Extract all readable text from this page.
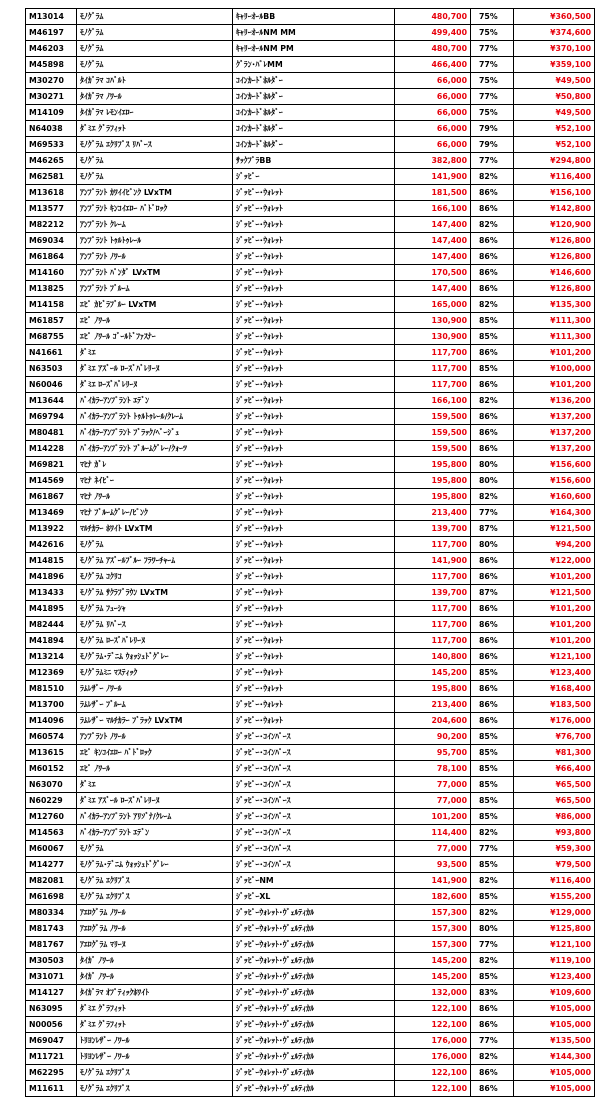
M13014	ﾓﾉｸﾞﾗﾑ	ｷｬﾘｰｵｰﾙBB	480,700	75%	¥360,500
M46197	ﾓﾉｸﾞﾗﾑ	ｷｬﾘｰｵｰﾙNM MM	499,400	75%	¥374,600
M46203	ﾓﾉｸﾞﾗﾑ	ｷｬﾘｰｵｰﾙNM PM	480,700	77%	¥370,100
M45898	ﾓﾉｸﾞﾗﾑ	ｸﾞﾗﾝ･ﾊﾟﾚMM	466,400	77%	¥359,100
M30270	ﾀｲｶﾞﾗﾏ ｺﾊﾞﾙﾄ	ｺｲﾝｶｰﾄﾞﾎﾙﾀﾞｰ	66,000	75%	¥49,500
M30271	ﾀｲｶﾞﾗﾏ ﾉﾜｰﾙ	ｺｲﾝｶｰﾄﾞﾎﾙﾀﾞｰ	66,000	77%	¥50,800
M14109	ﾀｲｶﾞﾗﾏ ﾚﾓﾝｲｴﾛｰ	ｺｲﾝｶｰﾄﾞﾎﾙﾀﾞｰ	66,000	75%	¥49,500
N64038	ﾀﾞﾐｴ ｸﾞﾗﾌｨｯﾄ	ｺｲﾝｶｰﾄﾞﾎﾙﾀﾞｰ	66,000	79%	¥52,100
M69533	ﾓﾉｸﾞﾗﾑ ｴｸﾘﾌﾟｽ ﾘﾊﾞｰｽ	ｺｲﾝｶｰﾄﾞﾎﾙﾀﾞｰ	66,000	79%	¥52,100
M46265	ﾓﾉｸﾞﾗﾑ	ｻｯｸﾌﾟﾗBB	382,800	77%	¥294,800
M62581	ﾓﾉｸﾞﾗﾑ	ｼﾞｯﾋﾟｰ	141,900	82%	¥116,400
M13618	ｱﾝﾌﾟﾗﾝﾄ ｶﾜｲｲﾋﾟﾝｸ LVxTM	ｼﾞｯﾋﾟｰ･ｳｫﾚｯﾄ	181,500	86%	¥156,100
M13577	ｱﾝﾌﾟﾗﾝﾄ ｷﾝｺｲｴﾛｰ ﾊﾞﾄﾞﾛｯｸ	ｼﾞｯﾋﾟｰ･ｳｫﾚｯﾄ	166,100	86%	¥142,800
M82212	ｱﾝﾌﾟﾗﾝﾄ ｸﾚｰﾑ	ｼﾞｯﾋﾟｰ･ｳｫﾚｯﾄ	147,400	82%	¥120,900
M69034	ｱﾝﾌﾟﾗﾝﾄ ﾄｩﾙﾄｩﾚｰﾙ	ｼﾞｯﾋﾟｰ･ｳｫﾚｯﾄ	147,400	86%	¥126,800
M61864	ｱﾝﾌﾟﾗﾝﾄ ﾉﾜｰﾙ	ｼﾞｯﾋﾟｰ･ｳｫﾚｯﾄ	147,400	86%	¥126,800
M14160	ｱﾝﾌﾟﾗﾝﾄ ﾊﾟﾝﾀﾞ LVxTM	ｼﾞｯﾋﾟｰ･ｳｫﾚｯﾄ	170,500	86%	¥146,600
M13825	ｱﾝﾌﾟﾗﾝﾄ ﾌﾞﾙｰﾑ	ｼﾞｯﾋﾟｰ･ｳｫﾚｯﾄ	147,400	86%	¥126,800
M14158	ｴﾋﾟ ｶﾋﾞﾗﾌﾞﾙｰ LVxTM	ｼﾞｯﾋﾟｰ･ｳｫﾚｯﾄ	165,000	82%	¥135,300
M61857	ｴﾋﾟ ﾉﾜｰﾙ	ｼﾞｯﾋﾟｰ･ｳｫﾚｯﾄ	130,900	85%	¥111,300
M68755	ｴﾋﾟ ﾉﾜｰﾙ ｺﾞｰﾙﾄﾞﾌｧｽﾅｰ	ｼﾞｯﾋﾟｰ･ｳｫﾚｯﾄ	130,900	85%	¥111,300
N41661	ﾀﾞﾐｴ	ｼﾞｯﾋﾟｰ･ｳｫﾚｯﾄ	117,700	86%	¥101,200
N63503	ﾀﾞﾐｴ ｱｽﾞｰﾙ ﾛｰｽﾞﾊﾞﾚﾘｰﾇ	ｼﾞｯﾋﾟｰ･ｳｫﾚｯﾄ	117,700	85%	¥100,000
N60046	ﾀﾞﾐｴ ﾛｰｽﾞﾊﾞﾚﾘｰﾇ	ｼﾞｯﾋﾟｰ･ｳｫﾚｯﾄ	117,700	86%	¥101,200
M13644	ﾊﾞｲｶﾗｰｱﾝﾌﾟﾗﾝﾄ ｴﾃﾞﾝ	ｼﾞｯﾋﾟｰ･ｳｫﾚｯﾄ	166,100	82%	¥136,200
M69794	ﾊﾞｲｶﾗｰｱﾝﾌﾟﾗﾝﾄ ﾄｩﾙﾄｩﾚｰﾙ/ｸﾚｰﾑ	ｼﾞｯﾋﾟｰ･ｳｫﾚｯﾄ	159,500	86%	¥137,200
M80481	ﾊﾞｲｶﾗｰｱﾝﾌﾟﾗﾝﾄ ﾌﾞﾗｯｸ/ﾍﾞｰｼﾞｭ	ｼﾞｯﾋﾟｰ･ｳｫﾚｯﾄ	159,500	86%	¥137,200
M14228	ﾊﾞｲｶﾗｰｱﾝﾌﾟﾗﾝﾄ ﾌﾞﾙｰﾑｸﾞﾚｰ/ｸｫｰﾂ	ｼﾞｯﾋﾟｰ･ｳｫﾚｯﾄ	159,500	86%	¥137,200
M69821	ﾏﾋﾅ ｶﾞﾚ	ｼﾞｯﾋﾟｰ･ｳｫﾚｯﾄ	195,800	80%	¥156,600
M14569	ﾏﾋﾅ ﾈｲﾋﾞｰ	ｼﾞｯﾋﾟｰ･ｳｫﾚｯﾄ	195,800	80%	¥156,600
M61867	ﾏﾋﾅ ﾉﾜｰﾙ	ｼﾞｯﾋﾟｰ･ｳｫﾚｯﾄ	195,800	82%	¥160,600
M13469	ﾏﾋﾅ ﾌﾞﾙｰﾑｸﾞﾚｰ/ﾋﾟﾝｸ	ｼﾞｯﾋﾟｰ･ｳｫﾚｯﾄ	213,400	77%	¥164,300
M13922	ﾏﾙﾁｶﾗｰ ﾎﾜｲﾄ LVxTM	ｼﾞｯﾋﾟｰ･ｳｫﾚｯﾄ	139,700	87%	¥121,500
M42616	ﾓﾉｸﾞﾗﾑ	ｼﾞｯﾋﾟｰ･ｳｫﾚｯﾄ	117,700	80%	¥94,200
M14815	ﾓﾉｸﾞﾗﾑ ｱｽﾞｰﾙﾌﾞﾙｰ ﾌﾗﾜｰﾁｬｰﾑ	ｼﾞｯﾋﾟｰ･ｳｫﾚｯﾄ	141,900	86%	¥122,000
M41896	ﾓﾉｸﾞﾗﾑ ｺｸﾘｺ	ｼﾞｯﾋﾟｰ･ｳｫﾚｯﾄ	117,700	86%	¥101,200
M13433	ﾓﾉｸﾞﾗﾑ ｻｸﾗﾌﾞﾗｳﾝ LVxTM	ｼﾞｯﾋﾟｰ･ｳｫﾚｯﾄ	139,700	87%	¥121,500
M41895	ﾓﾉｸﾞﾗﾑ ﾌｭｰｼｬ	ｼﾞｯﾋﾟｰ･ｳｫﾚｯﾄ	117,700	86%	¥101,200
M82444	ﾓﾉｸﾞﾗﾑ ﾘﾊﾞｰｽ	ｼﾞｯﾋﾟｰ･ｳｫﾚｯﾄ	117,700	86%	¥101,200
M41894	ﾓﾉｸﾞﾗﾑ ﾛｰｽﾞﾊﾞﾚﾘｰﾇ	ｼﾞｯﾋﾟｰ･ｳｫﾚｯﾄ	117,700	86%	¥101,200
M13214	ﾓﾉｸﾞﾗﾑ･ﾃﾞﾆﾑ ｳｫｯｼｭﾄﾞｸﾞﾚｰ	ｼﾞｯﾋﾟｰ･ｳｫﾚｯﾄ	140,800	86%	¥121,100
M12369	ﾓﾉｸﾞﾗﾑﾐﾆ ﾏｽﾃｨｯｸ	ｼﾞｯﾋﾟｰ･ｳｫﾚｯﾄ	145,200	85%	¥123,400
M81510	ﾗﾑﾚｻﾞｰ ﾉﾜｰﾙ	ｼﾞｯﾋﾟｰ･ｳｫﾚｯﾄ	195,800	86%	¥168,400
M13700	ﾗﾑﾚｻﾞｰ ﾌﾞﾙｰﾑ	ｼﾞｯﾋﾟｰ･ｳｫﾚｯﾄ	213,400	86%	¥183,500
M14096	ﾗﾑﾚｻﾞｰ ﾏﾙﾁｶﾗｰ ﾌﾞﾗｯｸ LVxTM	ｼﾞｯﾋﾟｰ･ｳｫﾚｯﾄ	204,600	86%	¥176,000
M60574	ｱﾝﾌﾟﾗﾝﾄ ﾉﾜｰﾙ	ｼﾞｯﾋﾟｰ･ｺｲﾝﾊﾟｰｽ	90,200	85%	¥76,700
M13615	ｴﾋﾟ ｷﾝｺｲｴﾛｰ ﾊﾞﾄﾞﾛｯｸ	ｼﾞｯﾋﾟｰ･ｺｲﾝﾊﾟｰｽ	95,700	85%	¥81,300
M60152	ｴﾋﾟ ﾉﾜｰﾙ	ｼﾞｯﾋﾟｰ･ｺｲﾝﾊﾟｰｽ	78,100	85%	¥66,400
N63070	ﾀﾞﾐｴ	ｼﾞｯﾋﾟｰ･ｺｲﾝﾊﾟｰｽ	77,000	85%	¥65,500
N60229	ﾀﾞﾐｴ ｱｽﾞｰﾙ ﾛｰｽﾞﾊﾞﾚﾘｰﾇ	ｼﾞｯﾋﾟｰ･ｺｲﾝﾊﾟｰｽ	77,000	85%	¥65,500
M12760	ﾊﾞｲｶﾗｰｱﾝﾌﾟﾗﾝﾄ ｱﾘｿﾞﾅ/ｸﾚｰﾑ	ｼﾞｯﾋﾟｰ･ｺｲﾝﾊﾟｰｽ	101,200	85%	¥86,000
M14563	ﾊﾞｲｶﾗｰｱﾝﾌﾟﾗﾝﾄ ｴﾃﾞﾝ	ｼﾞｯﾋﾟｰ･ｺｲﾝﾊﾟｰｽ	114,400	82%	¥93,800
M60067	ﾓﾉｸﾞﾗﾑ	ｼﾞｯﾋﾟｰ･ｺｲﾝﾊﾟｰｽ	77,000	77%	¥59,300
M14277	ﾓﾉｸﾞﾗﾑ･ﾃﾞﾆﾑ ｳｫｯｼｭﾄﾞｸﾞﾚｰ	ｼﾞｯﾋﾟｰ･ｺｲﾝﾊﾟｰｽ	93,500	85%	¥79,500
M82081	ﾓﾉｸﾞﾗﾑ ｴｸﾘﾌﾟｽ	ｼﾞｯﾋﾟｰNM	141,900	82%	¥116,400
M61698	ﾓﾉｸﾞﾗﾑ ｴｸﾘﾌﾟｽ	ｼﾞｯﾋﾟｰXL	182,600	85%	¥155,200
M80334	ｱｴﾛｸﾞﾗﾑ ﾉﾜｰﾙ	ｼﾞｯﾋﾟｰｳｫﾚｯﾄ･ｳﾞｪﾙﾃｨｶﾙ	157,300	82%	¥129,000
M81743	ｱｴﾛｸﾞﾗﾑ ﾉﾜｰﾙ	ｼﾞｯﾋﾟｰｳｫﾚｯﾄ･ｳﾞｪﾙﾃｨｶﾙ	157,300	80%	¥125,800
M81767	ｱｴﾛｸﾞﾗﾑ ﾏﾘｰﾇ	ｼﾞｯﾋﾟｰｳｫﾚｯﾄ･ｳﾞｪﾙﾃｨｶﾙ	157,300	77%	¥121,100
M30503	ﾀｲｶﾞ ﾉﾜｰﾙ	ｼﾞｯﾋﾟｰｳｫﾚｯﾄ･ｳﾞｪﾙﾃｨｶﾙ	145,200	82%	¥119,100
M31071	ﾀｲｶﾞ ﾉﾜｰﾙ	ｼﾞｯﾋﾟｰｳｫﾚｯﾄ･ｳﾞｪﾙﾃｨｶﾙ	145,200	85%	¥123,400
M14127	ﾀｲｶﾞﾗﾏ ｵﾌﾟﾃｨｯｸﾎﾜｲﾄ	ｼﾞｯﾋﾟｰｳｫﾚｯﾄ･ｳﾞｪﾙﾃｨｶﾙ	132,000	83%	¥109,600
N63095	ﾀﾞﾐｴ ｸﾞﾗﾌｨｯﾄ	ｼﾞｯﾋﾟｰｳｫﾚｯﾄ･ｳﾞｪﾙﾃｨｶﾙ	122,100	86%	¥105,000
N00056	ﾀﾞﾐｴ ｸﾞﾗﾌｨｯﾄ	ｼﾞｯﾋﾟｰｳｫﾚｯﾄ･ｳﾞｪﾙﾃｨｶﾙ	122,100	86%	¥105,000
M69047	ﾄﾘﾖﾝﾚｻﾞｰ ﾉﾜｰﾙ	ｼﾞｯﾋﾟｰｳｫﾚｯﾄ･ｳﾞｪﾙﾃｨｶﾙ	176,000	77%	¥135,500
M11721	ﾄﾘﾖﾝﾚｻﾞｰ ﾉﾜｰﾙ	ｼﾞｯﾋﾟｰｳｫﾚｯﾄ･ｳﾞｪﾙﾃｨｶﾙ	176,000	82%	¥144,300
M62295	ﾓﾉｸﾞﾗﾑ ｴｸﾘﾌﾟｽ	ｼﾞｯﾋﾟｰｳｫﾚｯﾄ･ｳﾞｪﾙﾃｨｶﾙ	122,100	86%	¥105,000
M11611	ﾓﾉｸﾞﾗﾑ ｴｸﾘﾌﾟｽ	ｼﾞｯﾋﾟｰｳｫﾚｯﾄ･ｳﾞｪﾙﾃｨｶﾙ	122,100	86%	¥105,000
